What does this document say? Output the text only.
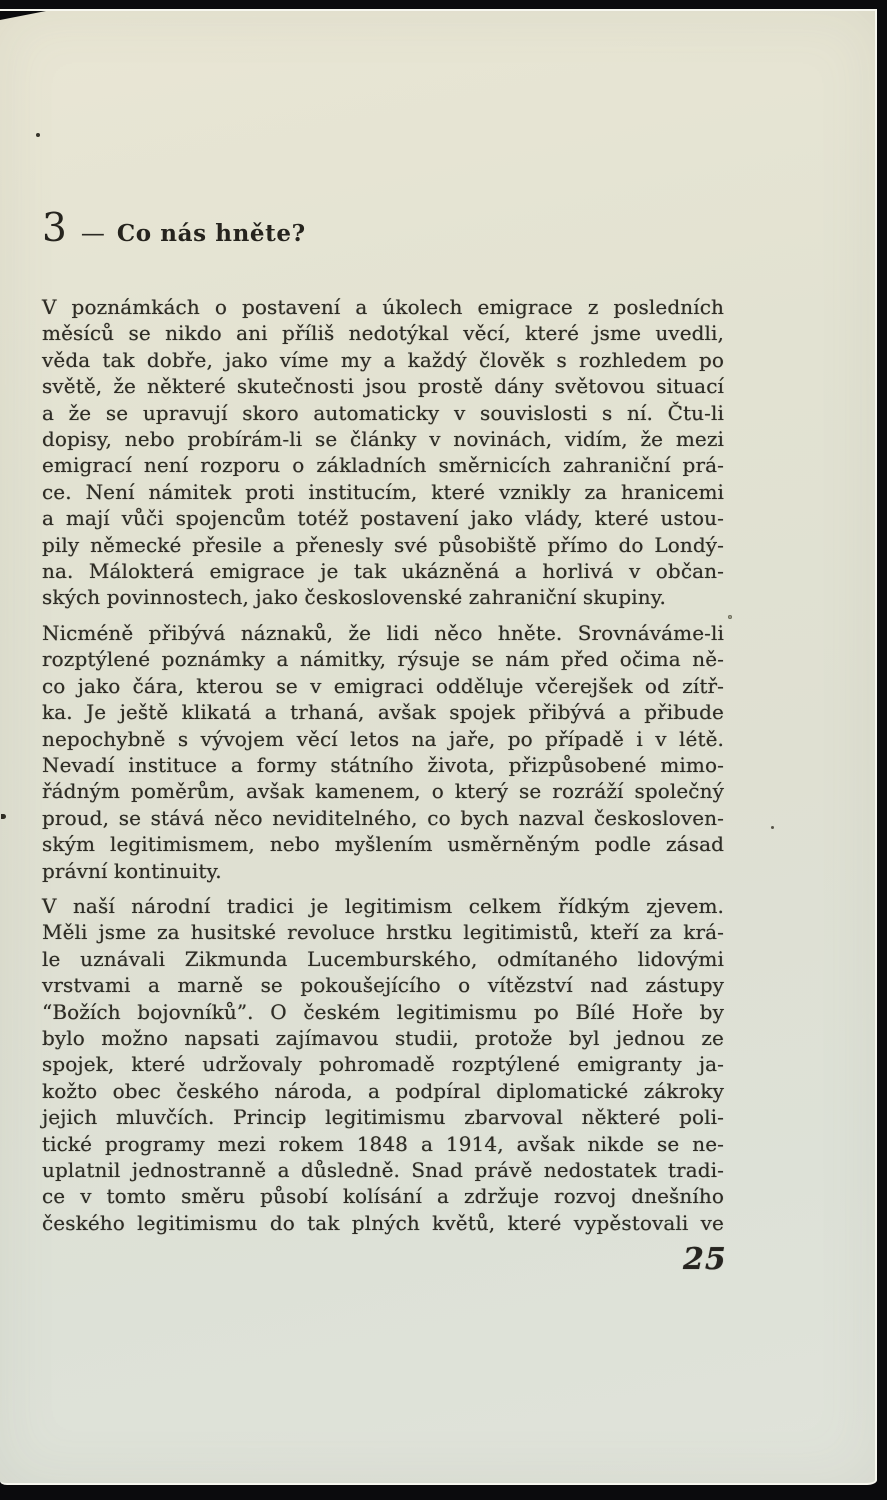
3 — Co nás hněte?
V poznámkách o postavení a úkolech emigrace z posledních
měsíců se nikdo ani příliš nedotýkal věcí, které jsme uvedli,
věda tak dobře, jako víme my a každý člověk s rozhledem po
světě, že některé skutečnosti jsou prostě dány světovou situací
a že se upravují skoro automaticky v souvislosti s ní. Čtu-li
dopisy, nebo probírám-li se články v novinách, vidím, že mezi
emigrací není rozporu o základních směrnicích zahraniční prá-
ce. Není námitek proti institucím, které vznikly za hranicemi
a mají vůči spojencům totéž postavení jako vlády, které ustou-
pily německé přesile a přenesly své působiště přímo do Londý-
na. Málokterá emigrace je tak ukázněná a horlivá v občan-
ských povinnostech, jako československé zahraniční skupiny.
Nicméně přibývá náznaků, že lidi něco hněte. Srovnáváme-li
rozptýlené poznámky a námitky, rýsuje se nám před očima ně-
co jako čára, kterou se v emigraci odděluje včerejšek od zítř-
ka. Je ještě klikatá a trhaná, avšak spojek přibývá a přibude
nepochybně s vývojem věcí letos na jaře, po případě i v létě.
Nevadí instituce a formy státního života, přizpůsobené mimo-
řádným poměrům, avšak kamenem, o který se rozráží společný
proud, se stává něco neviditelného, co bych nazval českosloven-
ským legitimismem, nebo myšlením usměrněným podle zásad
právní kontinuity.
V naší národní tradici je legitimism celkem řídkým zjevem.
Měli jsme za husitské revoluce hrstku legitimistů, kteří za krá-
le uznávali Zikmunda Lucemburského, odmítaného lidovými
vrstvami a marně se pokoušejícího o vítězství nad zástupy
“Božích bojovníků”. O českém legitimismu po Bílé Hoře by
bylo možno napsati zajímavou studii, protože byl jednou ze
spojek, které udržovaly pohromadě rozptýlené emigranty ja-
kožto obec českého národa, a podpíral diplomatické zákroky
jejich mluvčích. Princip legitimismu zbarvoval některé poli-
tické programy mezi rokem 1848 a 1914, avšak nikde se ne-
uplatnil jednostranně a důsledně. Snad právě nedostatek tradi-
ce v tomto směru působí kolísání a zdržuje rozvoj dnešního
českého legitimismu do tak plných květů, které vypěstovali ve
25
